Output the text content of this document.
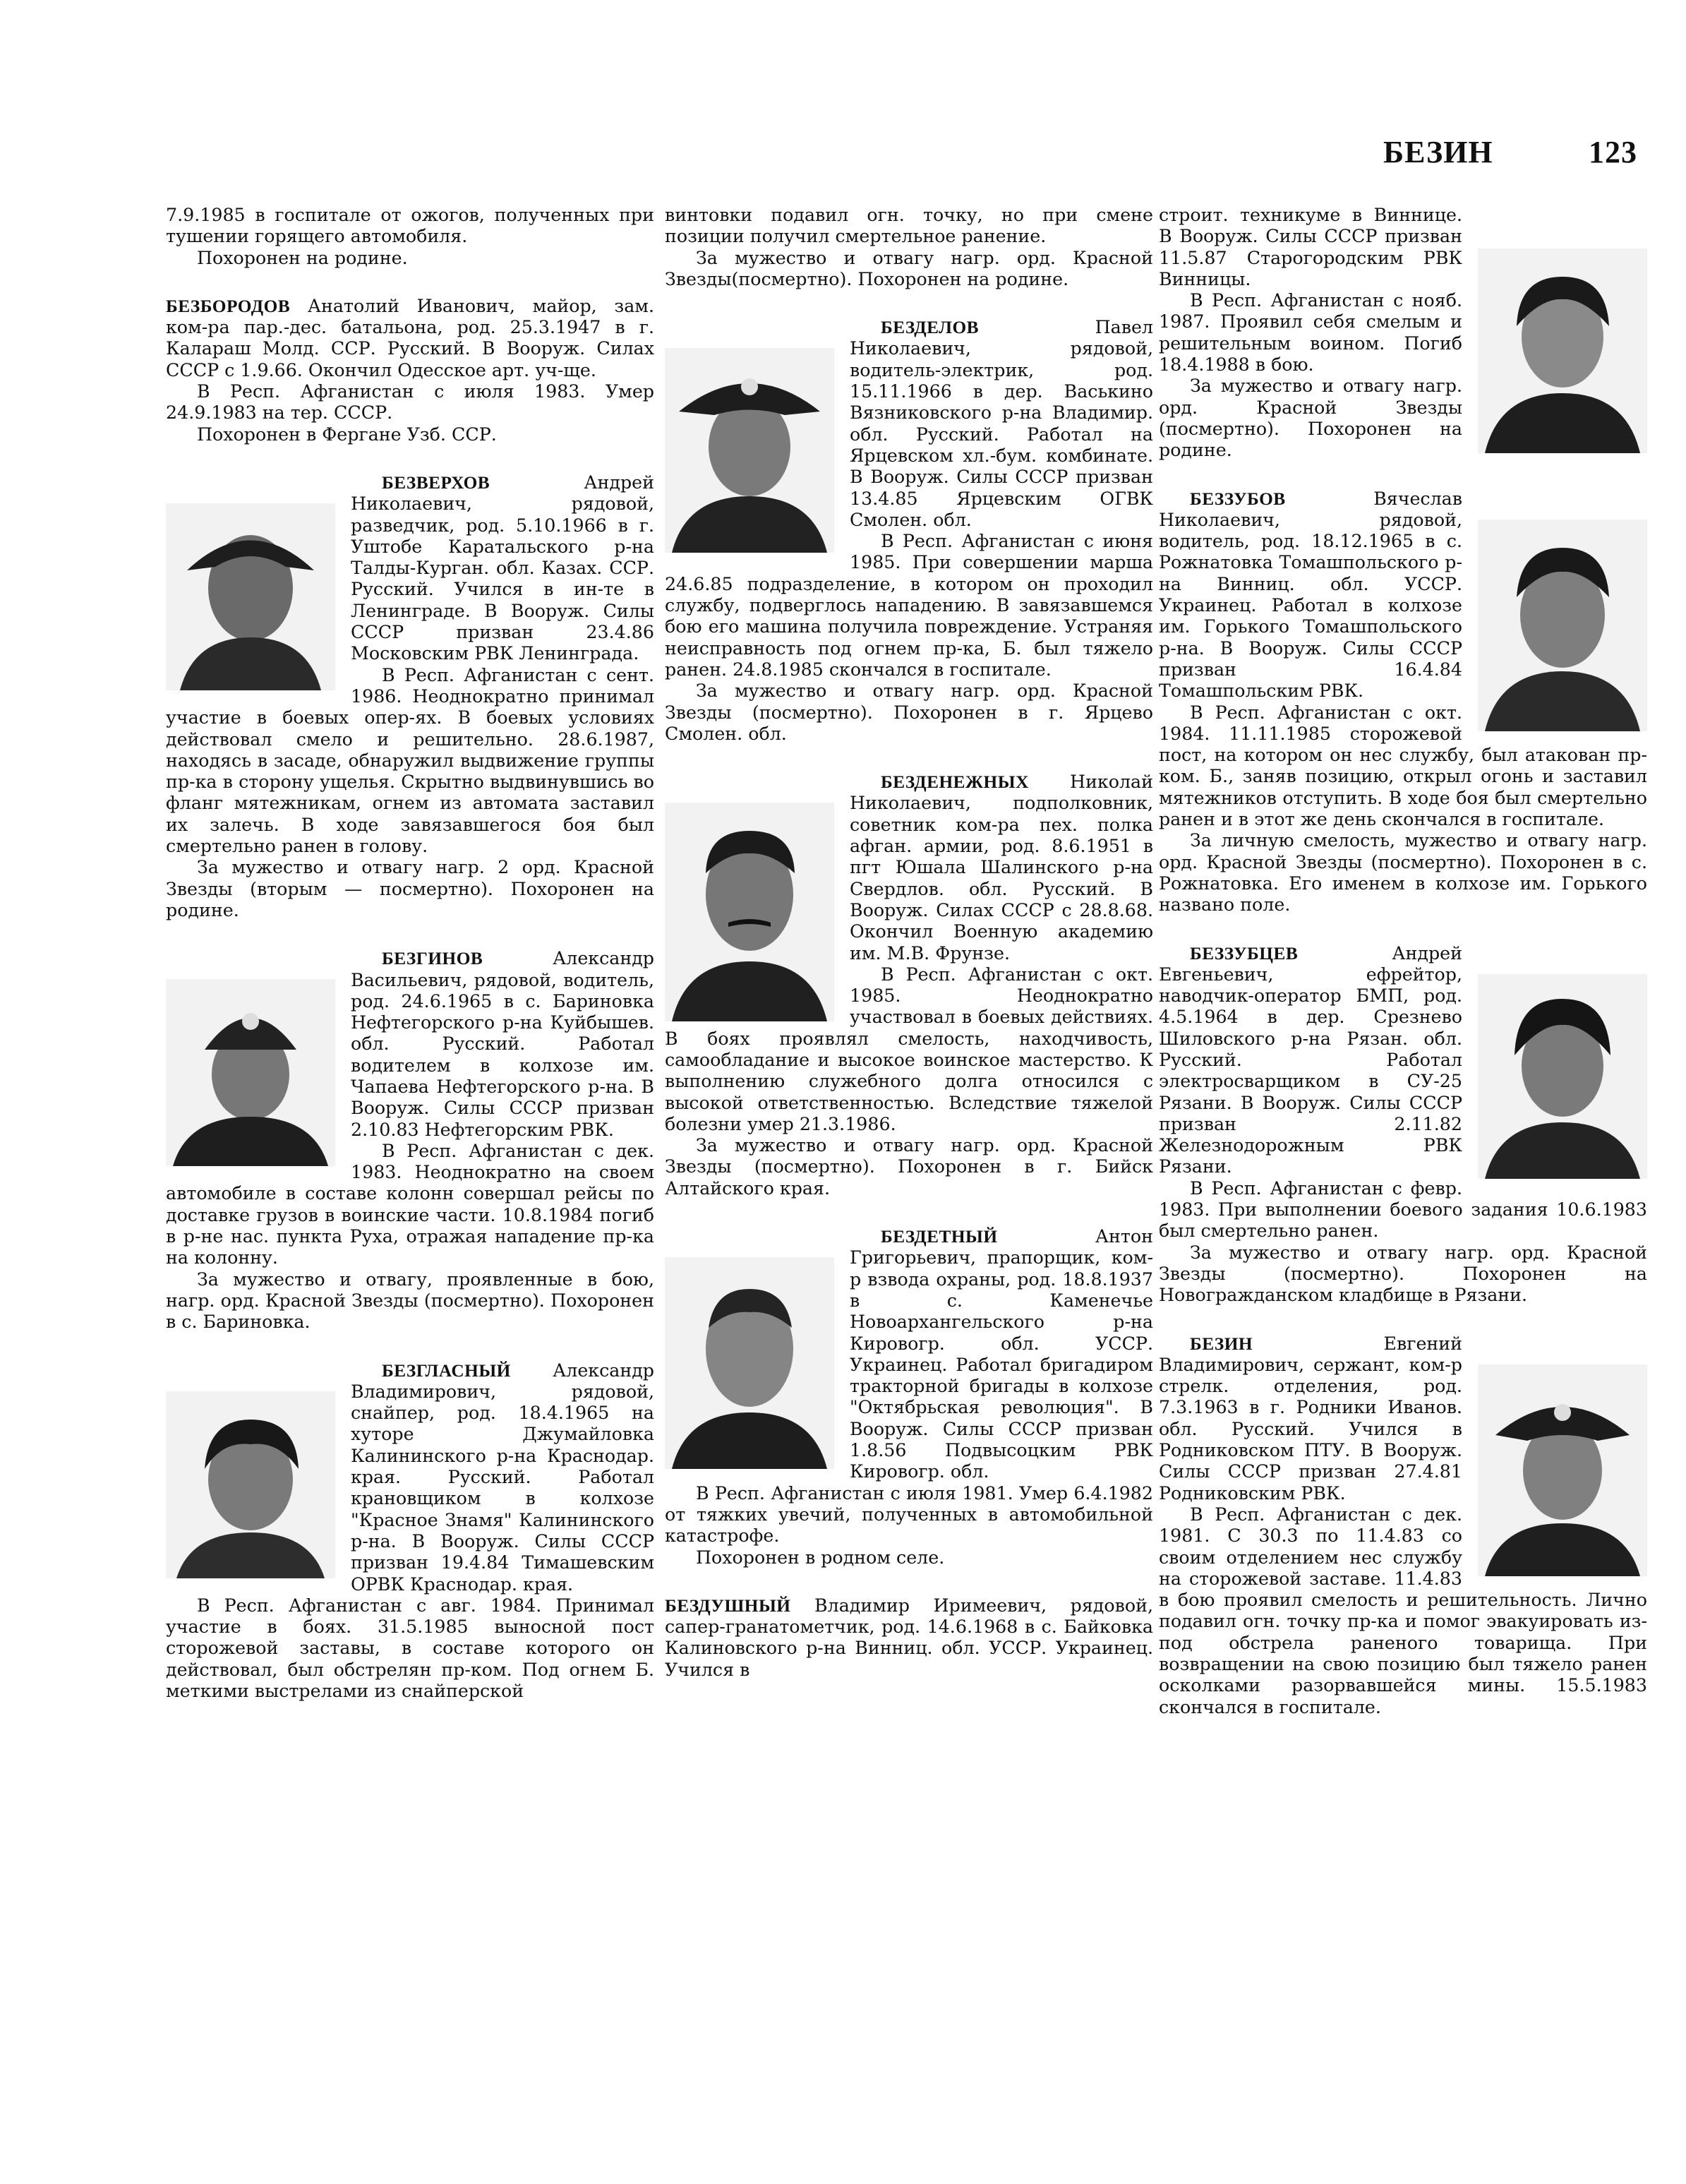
БЕЗИН	123

7.9.1985 в госпитале от ожогов, полученных при тушении горящего автомобиля.

Похоронен на родине.

БЕЗБОРОДОВ Анатолий Иванович, майор, зам. ком-ра пар.-дес. батальона, род. 25.3.1947 в г. Калараш Молд. ССР. Русский. В Вооруж. Силах СССР с 1.9.66. Окончил Одесское арт. уч-ще.

В Респ. Афганистан с июля 1983. Умер 24.9.1983 на тер. СССР.

Похоронен в Фергане Узб. ССР.

БЕЗВЕРХОВ	Андрей Николаевич, рядовой, разведчик, род. 5.10.1966 в г. Уштобе Каратальского р-на Талды-Курган. обл. Казах. ССР. Русский. Учился в ин-те в Ленинграде. В Вооруж. Силы СССР призван 23.4.86 Московским РВК Ленинграда.

В Респ. Афганистан с сент. 1986. Неоднократно принимал участие в боевых опер-ях. В боевых условиях действовал смело и решительно. 28.6.1987, находясь в засаде, обнаружил выдвижение группы пр-ка в сторону ущелья. Скрытно выдвинувшись во фланг мятежникам, огнем из автомата заставил их залечь. В ходе завязавшегося боя был смертельно ранен в голову.

За мужество и отвагу нагр. 2 орд. Красной Звезды (вторым — посмертно). Похоронен на родине.

БЕЗГИНОВ	Александр Васильевич, рядовой, водитель, род. 24.6.1965 в с. Бариновка Нефтегорского р-на Куйбышев. обл. Русский. Работал водителем в колхозе им. Чапаева Нефтегорского р-на. В Вооруж. Силы СССР призван 2.10.83 Нефтегорским РВК.

В Респ. Афганистан с дек. 1983. Неоднократно на своем автомобиле в составе колонн совершал рейсы по доставке грузов в воинские части. 10.8.1984 погиб в р-не нас. пункта Руха, отражая нападение пр-ка на колонну.

За мужество и отвагу, проявленные в бою, нагр. орд. Красной Звезды (посмертно). Похоронен в с. Бариновка.

БЕЗГЛАСНЫЙ Александр Владимирович, рядовой, снайпер, род. 18.4.1965 на хуторе Джумайловка Калининского р-на Краснодар. края. Русский. Работал крановщиком в колхозе "Красное Знамя" Калининского р-на. В Вооруж. Силы СССР призван 19.4.84 Тимашевским ОРВК Краснодар. края.

В Респ. Афганистан с авг. 1984. Принимал участие в боях. 31.5.1985 выносной пост сторожевой заставы, в составе которого он действовал, был обстрелян пр-ком. Под огнем Б. меткими выстрелами из снайперской

винтовки подавил огн. точку, но при смене позиции получил смертельное ранение.

За мужество и отвагу нагр. орд. Красной Звезды(посмертно). Похоронен на родине.

БЕЗДЕЛОВ	Павел Николаевич, рядовой, водитель-электрик, род. 15.11.1966 в дер. Васькино Вязниковского р-на Владимир. обл. Русский. Работал на Ярцевском хл.-бум. комбинате. В Вооруж. Силы СССР призван 13.4.85 Ярцевским ОГВК Смолен. обл.

В Респ. Афганистан с июня 1985. При совершении марша 24.6.85 подразделение, в котором он проходил службу, подверглось нападению. В завязавшемся бою его машина получила повреждение. Устраняя неисправность под огнем пр-ка, Б. был тяжело ранен. 24.8.1985 скончался в госпитале.

За мужество и отвагу нагр. орд. Красной Звезды (посмертно). Похоронен в г. Ярцево Смолен. обл.

БЕЗДЕНЕЖНЫХ Николай Николаевич, подполковник, советник ком-ра пех. полка афган. армии, род. 8.6.1951 в пгт Юшала Шалинского р-на Свердлов. обл. Русский. В Вооруж. Силах СССР с 28.8.68. Окончил Военную академию им. М.В. Фрунзе.

В Респ. Афганистан с окт. 1985. Неоднократно участвовал в боевых действиях. В боях проявлял смелость, находчивость, самообладание и высокое воинское мастерство. К выполнению служебного долга относился с высокой ответственностью. Вследствие тяжелой болезни умер 21.3.1986.

За мужество и отвагу нагр. орд. Красной Звезды (посмертно). Похоронен в г. Бийск Алтайского края.

БЕЗДЕТНЫЙ	Антон Григорьевич, прапорщик, ком-р взвода охраны, род. 18.8.1937 в с. Каменечье Новоархангельского р-на Кировогр. обл. УССР. Украинец. Работал бригадиром тракторной бригады в колхозе "Октябрьская революция". В Вооруж. Силы СССР призван 1.8.56 Подвысоцким РВК Кировогр. обл.

В Респ. Афганистан с июля 1981. Умер 6.4.1982 от тяжких увечий, полученных в автомобильной катастрофе.

Похоронен в родном селе.

БЕЗДУШНЫЙ Владимир Иримеевич, рядовой, сапер-гранатометчик, род. 14.6.1968 в с. Байковка Калиновского р-на Винниц. обл. УССР. Украинец. Учился в

строит. техникуме в Виннице. В Вооруж. Силы СССР призван 11.5.87 Старогородским РВК Винницы.

В Респ. Афганистан с нояб. 1987. Проявил себя смелым и решительным воином. Погиб 18.4.1988 в бою.

За мужество и отвагу нагр. орд. Красной Звезды (посмертно). Похоронен на родине.

БЕЗЗУБОВ	Вячеслав Николаевич, рядовой, водитель, род. 18.12.1965 в с. Рожнатовка Томашпольского р-на Винниц. обл. УССР. Украинец. Работал в колхозе им. Горького Томашпольского р-на. В Вооруж. Силы СССР призван 16.4.84 Томашпольским РВК.

В Респ. Афганистан с окт. 1984. 11.11.1985 сторожевой пост, на котором он нес службу, был атакован пр-ком. Б., заняв позицию, открыл огонь и заставил мятежников отступить. В ходе боя был смертельно ранен и в этот же день скончался в госпитале.

За личную смелость, мужество и отвагу нагр. орд. Красной Звезды (посмертно). Похоронен в с. Рожнатовка. Его именем в колхозе им. Горького названо поле.

БЕЗЗУБЦЕВ	Андрей Евгеньевич, ефрейтор, наводчик-оператор БМП, род. 4.5.1964 в дер. Срезнево Шиловского р-на Рязан. обл. Русский. Работал электросварщиком в СУ-25 Рязани. В Вооруж. Силы СССР призван 2.11.82 Железнодорожным РВК Рязани.

В Респ. Афганистан с февр. 1983. При выполнении боевого задания 10.6.1983 был смертельно ранен.

За мужество и отвагу нагр. орд. Красной Звезды (посмертно). Похоронен на Новогражданском кладбище в Рязани.

БЕЗИН	Евгений Владимирович, сержант, ком-р стрелк. отделения, род. 7.3.1963 в г. Родники Иванов. обл. Русский. Учился в Родниковском ПТУ. В Вооруж. Силы СССР призван 27.4.81 Родниковским РВК.

В Респ. Афганистан с дек. 1981. С 30.3 по 11.4.83 со своим отделением нес службу на сторожевой заставе. 11.4.83 в бою проявил смелость и решительность. Лично подавил огн. точку пр-ка и помог эвакуировать из-под обстрела раненого товарища. При возвращении на свою позицию был тяжело ранен осколками разорвавшейся мины. 15.5.1983 скончался в госпитале.
